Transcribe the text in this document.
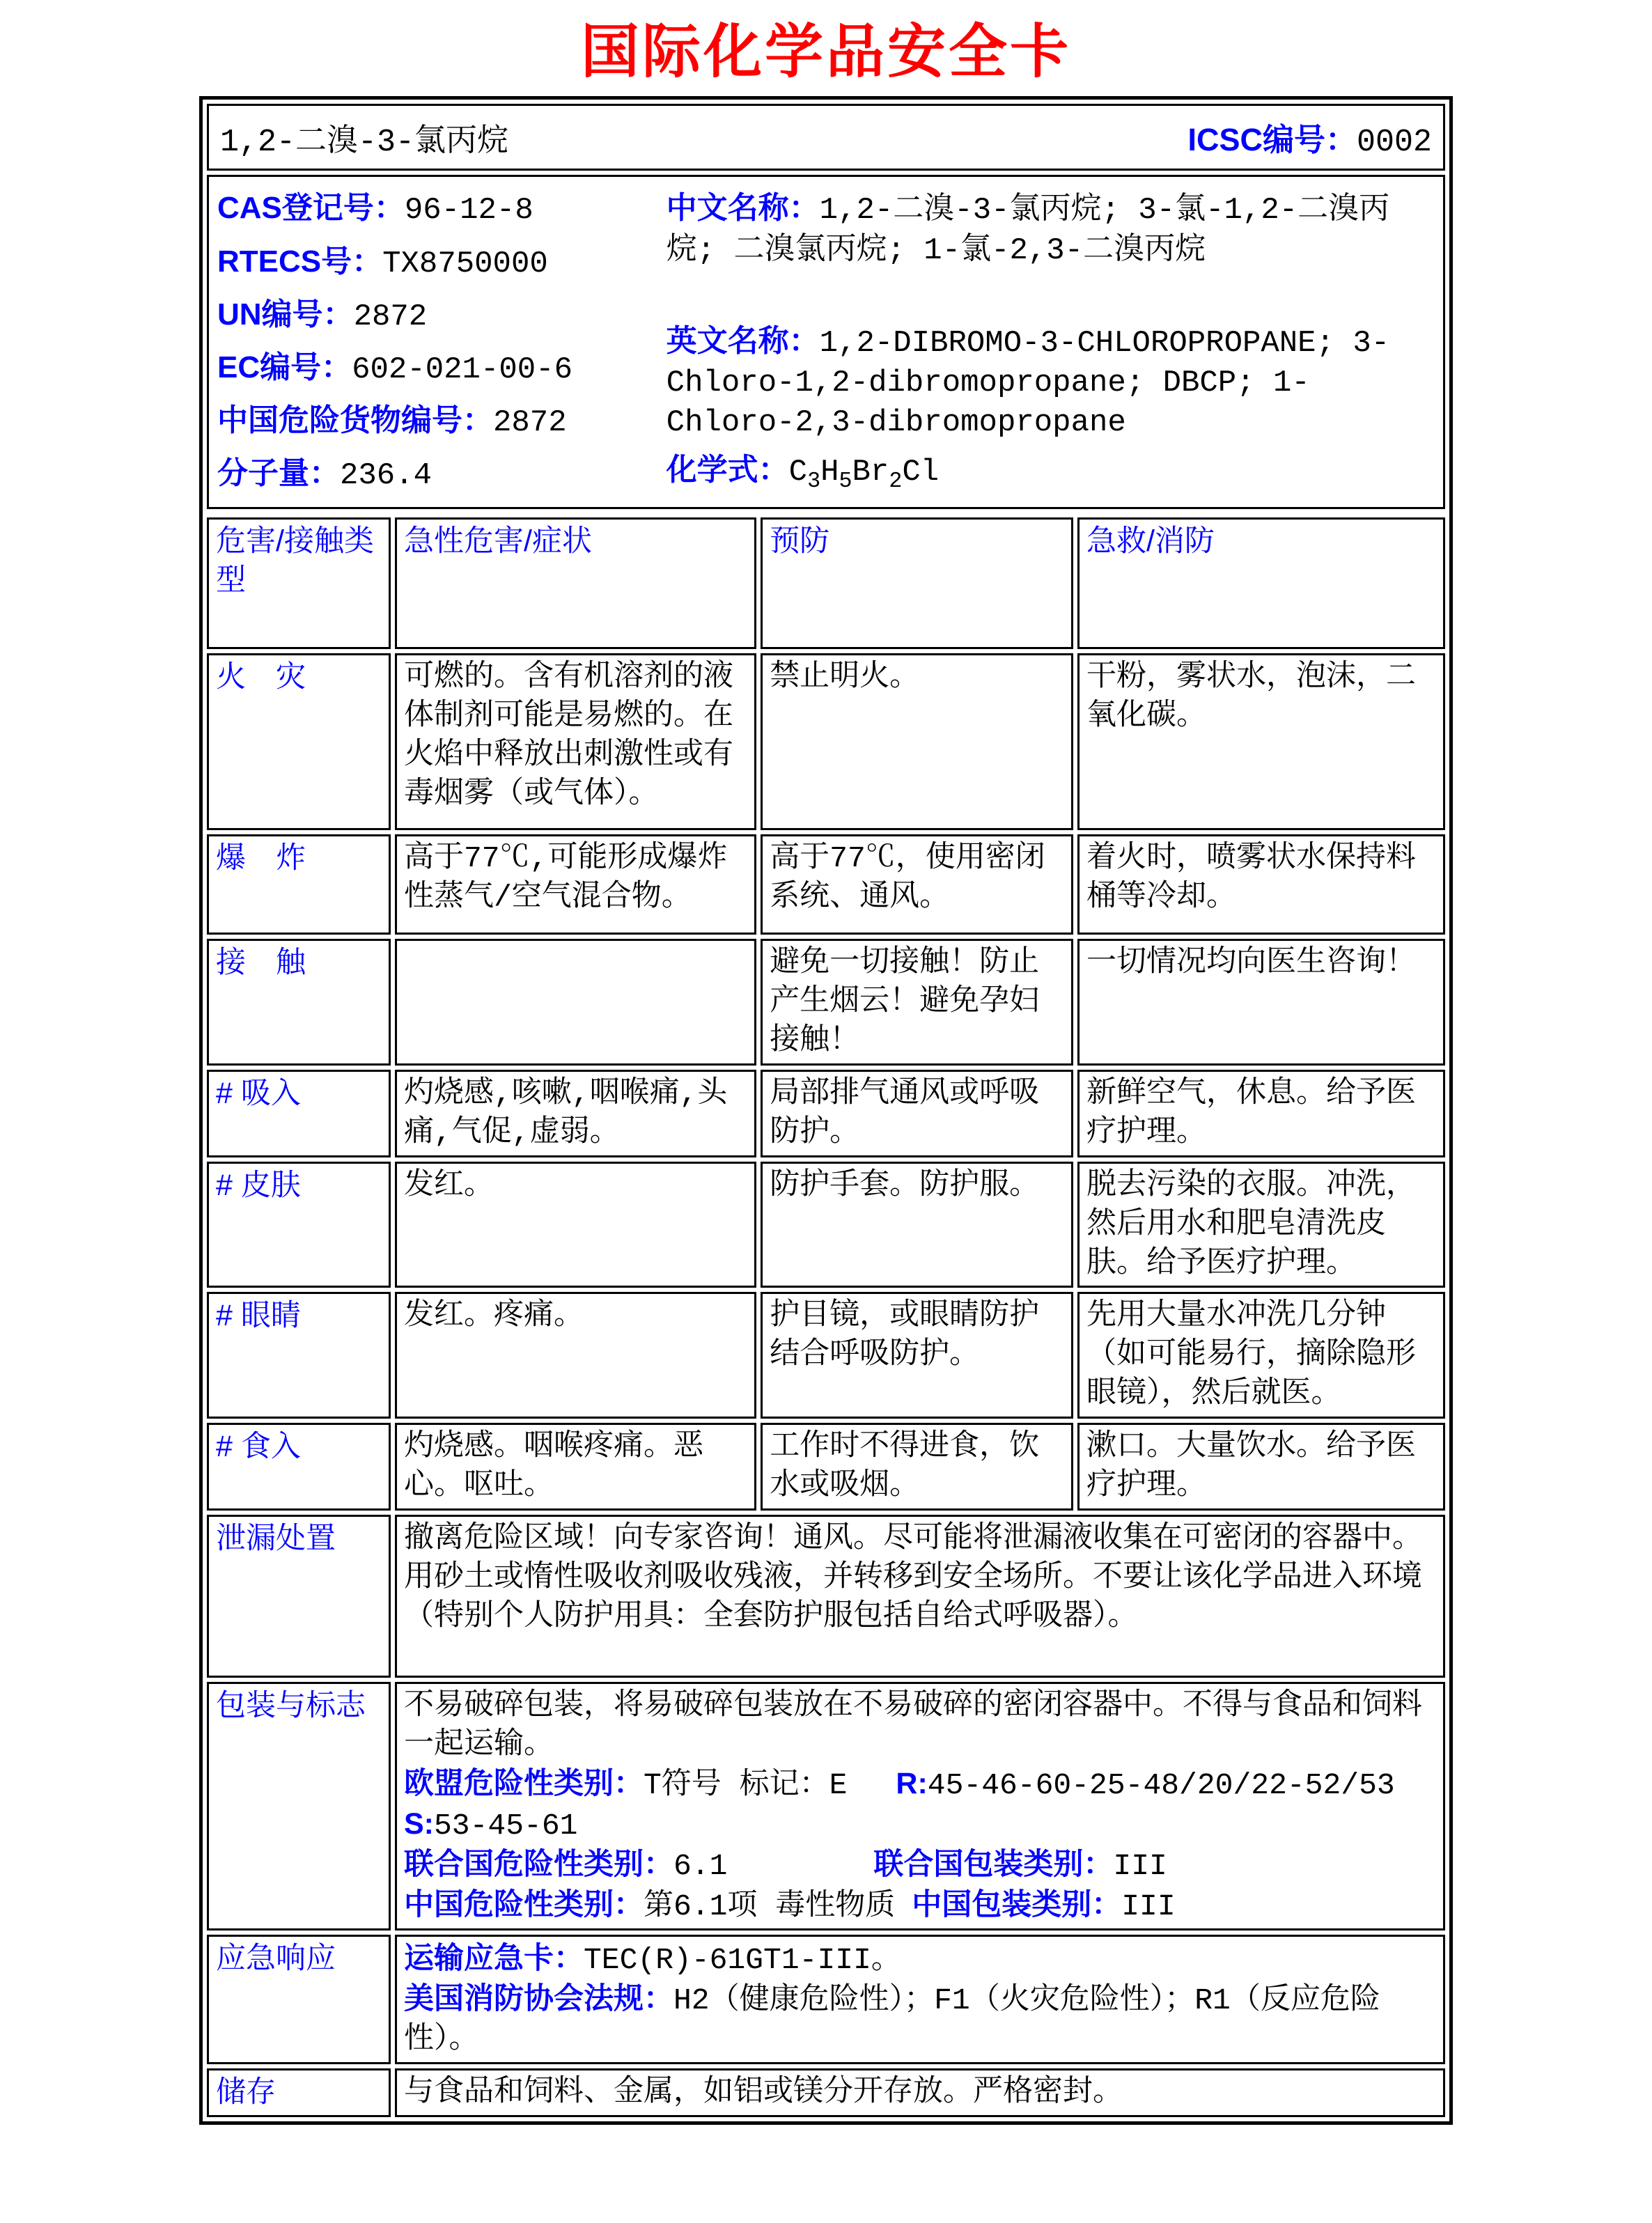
国际化学品安全卡
1,2-二溴-3-氯丙烷	ICSC编号：0002
CAS登记号：96-12-8
RTECS号：TX8750000
UN编号：2872
EC编号：602-021-00-6
中国危险货物编号：2872
分子量：236.4

中文名称：1,2-二溴-3-氯丙烷; 3-氯-1,2-二溴丙烷; 二溴氯丙烷; 1-氯-2,3-二溴丙烷

英文名称：1,2-DIBROMO-3-CHLOROPROPANE; 3-Chloro-1,2-dibromopropane; DBCP; 1-Chloro-2,3-dibromopropane

化学式：$C_3H_5Br_2Cl$

危害/接触类型	急性危害/症状	预防	急救/消防
火　灾	可燃的。含有机溶剂的液体制剂可能是易燃的。在火焰中释放出刺激性或有毒烟雾（或气体）。	禁止明火。	干粉，雾状水，泡沫，二氧化碳。
爆　炸	高于77℃,可能形成爆炸性蒸气/空气混合物。	高于77℃，使用密闭系统、通风。	着火时，喷雾状水保持料桶等冷却。
接　触		避免一切接触！防止产生烟云！避免孕妇接触！	一切情况均向医生咨询！
# 吸入	灼烧感,咳嗽,咽喉痛,头痛,气促,虚弱。	局部排气通风或呼吸防护。	新鲜空气，休息。给予医疗护理。
# 皮肤	发红。	防护手套。防护服。	脱去污染的衣服。冲洗，然后用水和肥皂清洗皮肤。给予医疗护理。
# 眼睛	发红。疼痛。	护目镜，或眼睛防护结合呼吸防护。	先用大量水冲洗几分钟（如可能易行，摘除隐形眼镜），然后就医。
# 食入	灼烧感。咽喉疼痛。恶心。呕吐。	工作时不得进食，饮水或吸烟。	漱口。大量饮水。给予医疗护理。
泄漏处置	撤离危险区域！向专家咨询！通风。尽可能将泄漏液收集在可密闭的容器中。用砂土或惰性吸收剂吸收残液，并转移到安全场所。不要让该化学品进入环境（特别个人防护用具：全套防护服包括自给式呼吸器）。		
包装与标志	不易破碎包装，将易破碎包装放在不易破碎的密闭容器中。不得与食品和饲料一起运输。

欧盟危险性类别：T符号 标记：E R:45-46-60-25-48/20/22-52/53

S:53-45-61

联合国危险性类别：6.1 联合国包装类别：III

中国危险性类别：第6.1项 毒性物质 中国包装类别：III		

应急响应	运输应急卡：TEC(R)-61GT1-III。

美国消防协会法规：H2（健康危险性）；F1（火灾危险性）；R1（反应危险性）。		

储存	与食品和饲料、金属，如铝或镁分开存放。严格密封。		
